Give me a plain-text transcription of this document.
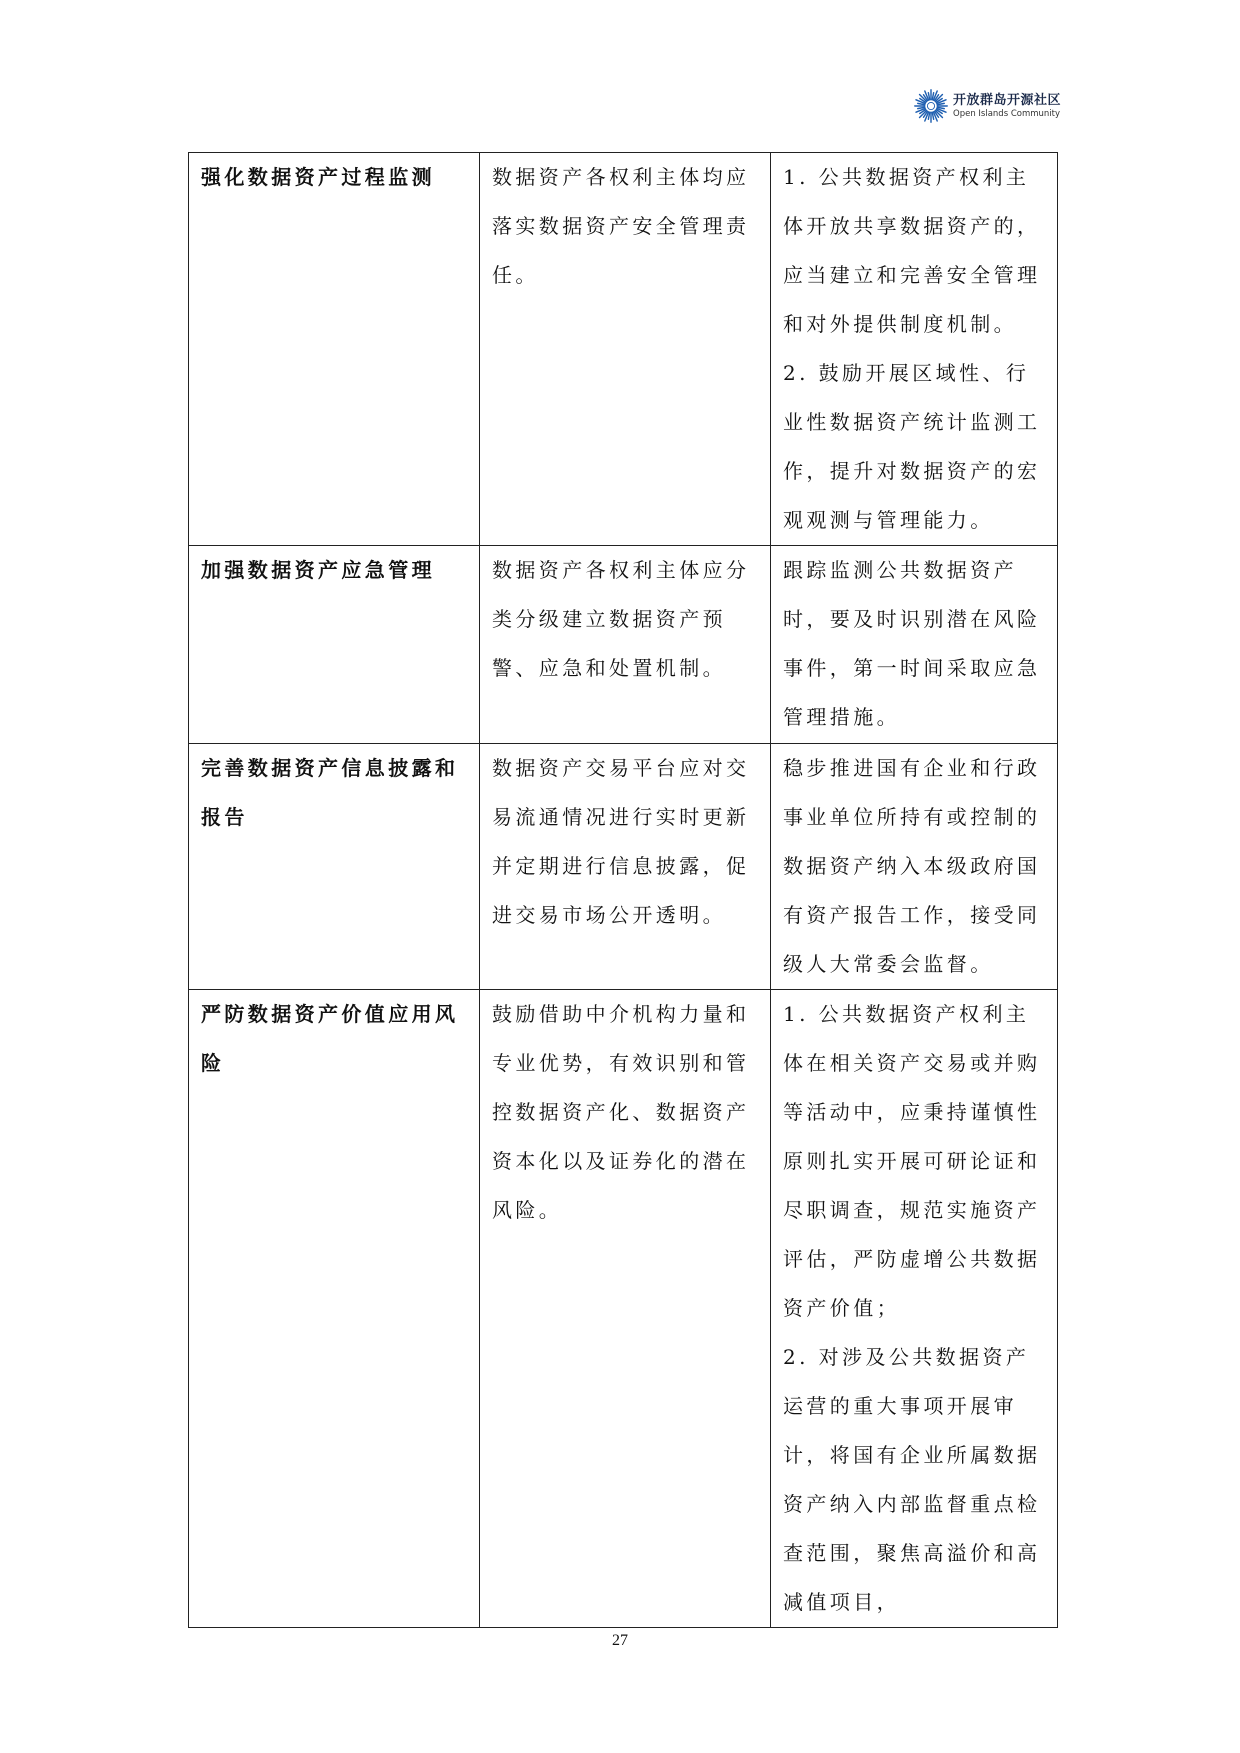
开放群岛开源社区
Open Islands Community

强化数据资产过程监测	数据资产各权利主体均应落实数据资产安全管理责任。	1. 公共数据资产权利主体开放共享数据资产的，应当建立和完善安全管理和对外提供制度机制。

2. 鼓励开展区域性、行业性数据资产统计监测工作，提升对数据资产的宏观观测与管理能力。

加强数据资产应急管理	数据资产各权利主体应分类分级建立数据资产预警、应急和处置机制。	跟踪监测公共数据资产时，要及时识别潜在风险事件，第一时间采取应急管理措施。

完善数据资产信息披露和报告	数据资产交易平台应对交易流通情况进行实时更新并定期进行信息披露，促进交易市场公开透明。	稳步推进国有企业和行政事业单位所持有或控制的数据资产纳入本级政府国有资产报告工作，接受同级人大常委会监督。

严防数据资产价值应用风险	鼓励借助中介机构力量和专业优势，有效识别和管控数据资产化、数据资产资本化以及证券化的潜在风险。	1. 公共数据资产权利主体在相关资产交易或并购等活动中，应秉持谨慎性原则扎实开展可研论证和尽职调查，规范实施资产评估，严防虚增公共数据资产价值；

2. 对涉及公共数据资产运营的重大事项开展审计，将国有企业所属数据资产纳入内部监督重点检查范围，聚焦高溢价和高减值项目，

27
